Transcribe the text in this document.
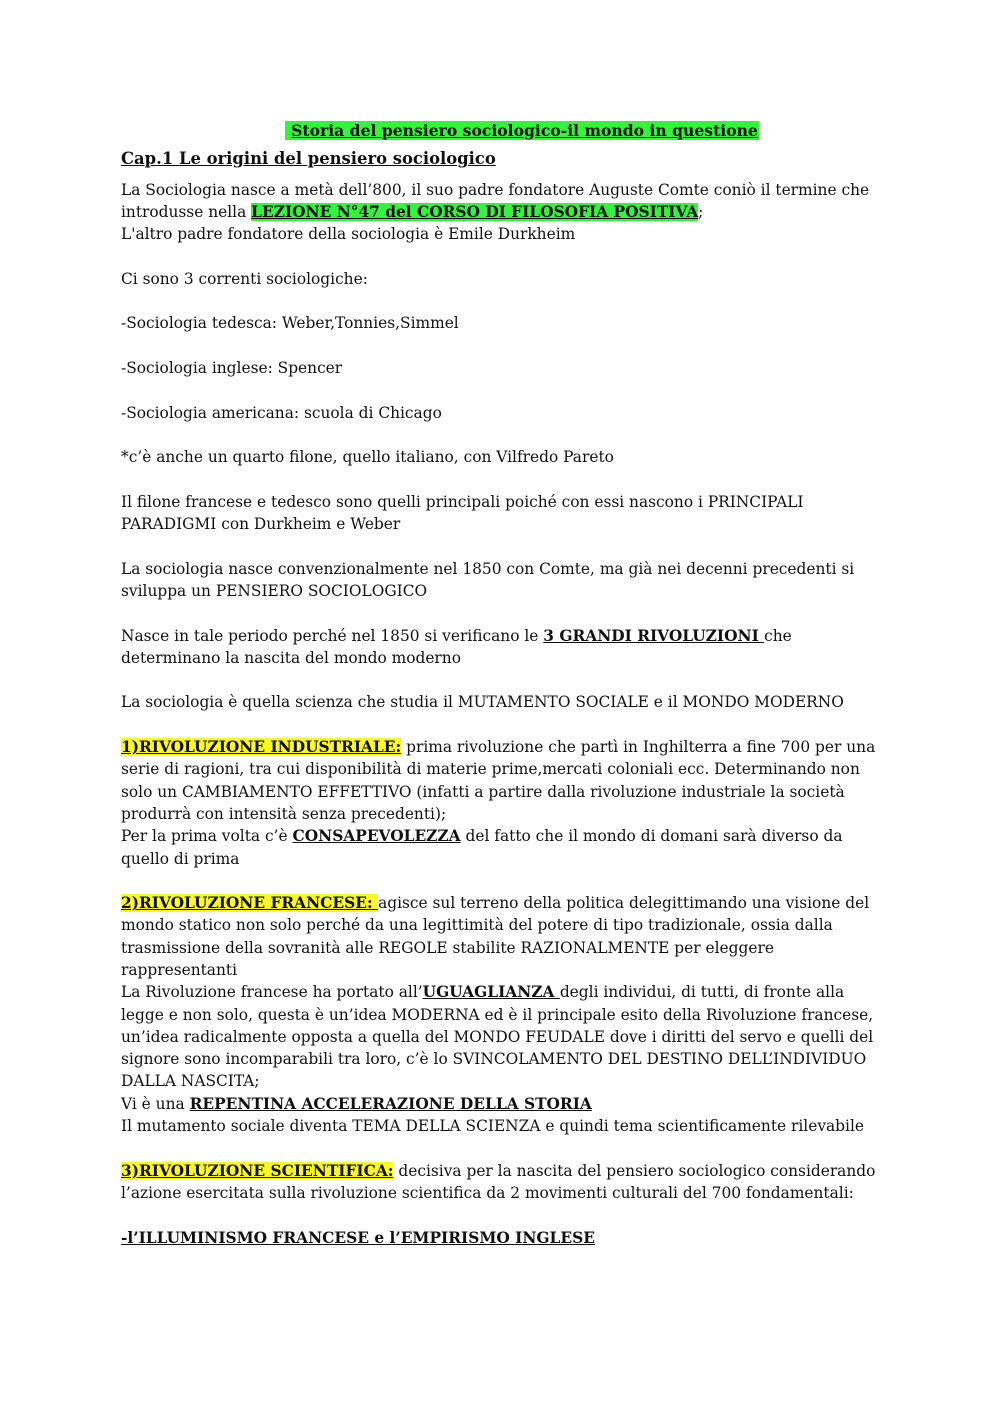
Storia del pensiero sociologico-il mondo in questione
Cap.1 Le origini del pensiero sociologico

La Sociologia nasce a metà dell’800, il suo padre fondatore Auguste Comte coniò il termine che introdusse nella LEZIONE N°47 del CORSO DI FILOSOFIA POSITIVA;
L'altro padre fondatore della sociologia è Emile Durkheim

Ci sono 3 correnti sociologiche:

-Sociologia tedesca: Weber,Tonnies,Simmel

-Sociologia inglese: Spencer

-Sociologia americana: scuola di Chicago

*c’è anche un quarto filone, quello italiano, con Vilfredo Pareto

Il filone francese e tedesco sono quelli principali poiché con essi nascono i PRINCIPALI PARADIGMI con Durkheim e Weber

La sociologia nasce convenzionalmente nel 1850 con Comte, ma già nei decenni precedenti si sviluppa un PENSIERO SOCIOLOGICO

Nasce in tale periodo perché nel 1850 si verificano le 3 GRANDI RIVOLUZIONI che determinano la nascita del mondo moderno

La sociologia è quella scienza che studia il MUTAMENTO SOCIALE e il MONDO MODERNO

1)RIVOLUZIONE INDUSTRIALE: prima rivoluzione che partì in Inghilterra a fine 700 per una serie di ragioni, tra cui disponibilità di materie prime,mercati coloniali ecc. Determinando non solo un CAMBIAMENTO EFFETTIVO (infatti a partire dalla rivoluzione industriale la società produrrà con intensità senza precedenti);
Per la prima volta c’è CONSAPEVOLEZZA del fatto che il mondo di domani sarà diverso da quello di prima

2)RIVOLUZIONE FRANCESE: agisce sul terreno della politica delegittimando una visione del mondo statico non solo perché da una legittimità del potere di tipo tradizionale, ossia dalla trasmissione della sovranità alle REGOLE stabilite RAZIONALMENTE per eleggere rappresentanti
La Rivoluzione francese ha portato all’UGUAGLIANZA degli individui, di tutti, di fronte alla legge e non solo, questa è un’idea MODERNA ed è il principale esito della Rivoluzione francese, un’idea radicalmente opposta a quella del MONDO FEUDALE dove i diritti del servo e quelli del signore sono incomparabili tra loro, c’è lo SVINCOLAMENTO DEL DESTINO DELL’INDIVIDUO DALLA NASCITA;
Vi è una REPENTINA ACCELERAZIONE DELLA STORIA
Il mutamento sociale diventa TEMA DELLA SCIENZA e quindi tema scientificamente rilevabile

3)RIVOLUZIONE SCIENTIFICA: decisiva per la nascita del pensiero sociologico considerando l’azione esercitata sulla rivoluzione scientifica da 2 movimenti culturali del 700 fondamentali:

-l’ILLUMINISMO FRANCESE e l’EMPIRISMO INGLESE
